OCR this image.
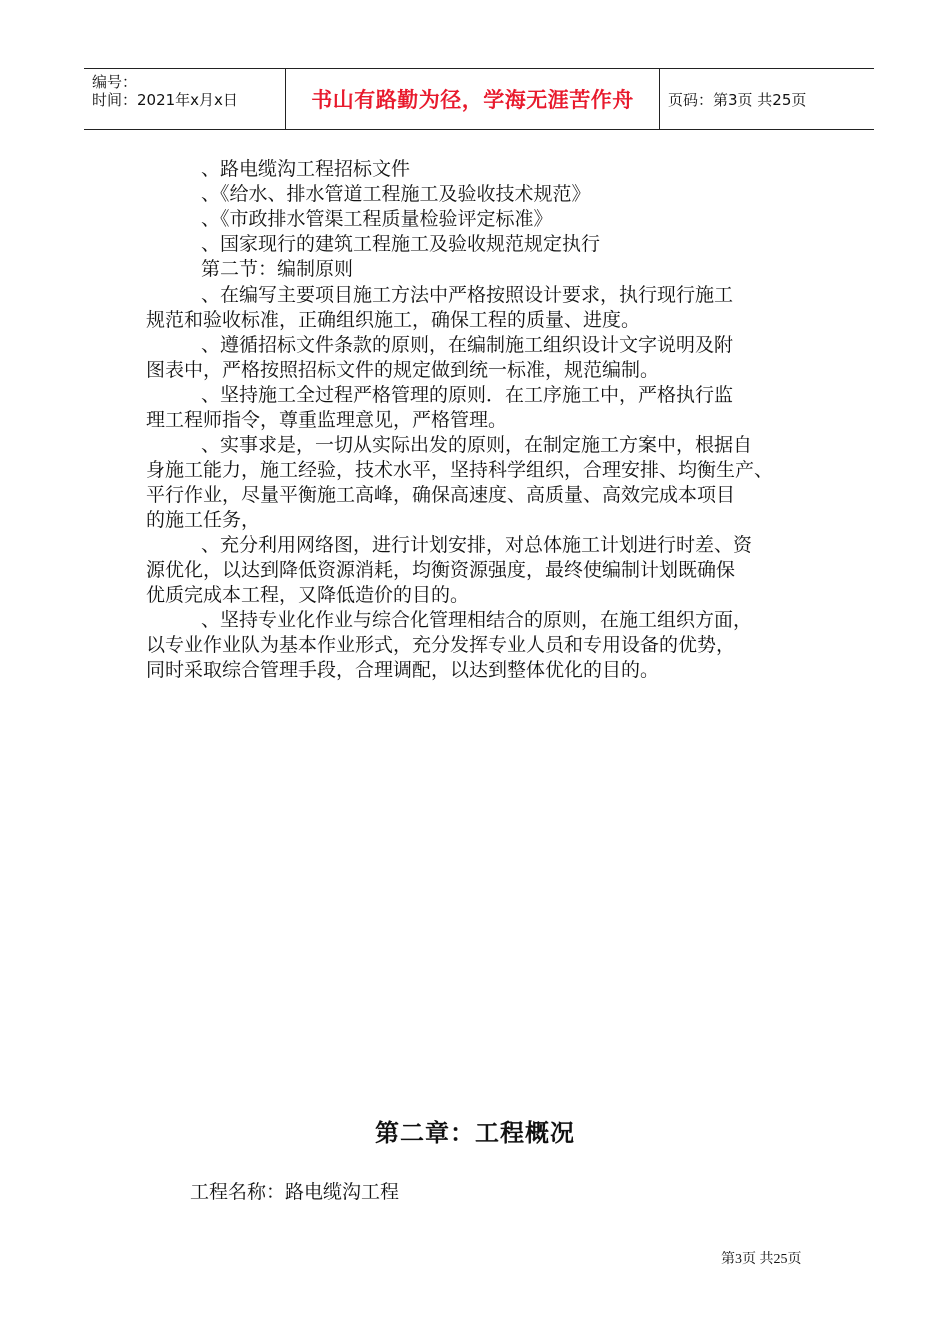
编号：
时间：2021年x月x日	书山有路勤为径，学海无涯苦作舟 页码：第3页 共25页
、路电缆沟工程招标文件
、《给水、排水管道工程施工及验收技术规范》
、《市政排水管渠工程质量检验评定标准》
、国家现行的建筑工程施工及验收规范规定执行
第二节：编制原则
、在编写主要项目施工方法中严格按照设计要求，执行现行施工
规范和验收标准，正确组织施工，确保工程的质量、进度。
、遵循招标文件条款的原则，在编制施工组织设计文字说明及附
图表中，严格按照招标文件的规定做到统一标准，规范编制。
、坚持施工全过程严格管理的原则．在工序施工中，严格执行监
理工程师指令，尊重监理意见，严格管理。
、实事求是，一切从实际出发的原则，在制定施工方案中，根据自
身施工能力，施工经验，技术水平，坚持科学组织，合理安排、均衡生产、
平行作业，尽量平衡施工高峰，确保高速度、高质量、高效完成本项目
的施工任务，
、充分利用网络图，进行计划安排，对总体施工计划进行时差、资
源优化，以达到降低资源消耗，均衡资源强度，最终使编制计划既确保
优质完成本工程，又降低造价的目的。
、坚持专业化作业与综合化管理相结合的原则，在施工组织方面，
以专业作业队为基本作业形式，充分发挥专业人员和专用设备的优势，
同时采取综合管理手段，合理调配，以达到整体优化的目的。
第二章：工程概况
工程名称：路电缆沟工程
第3页 共25页
